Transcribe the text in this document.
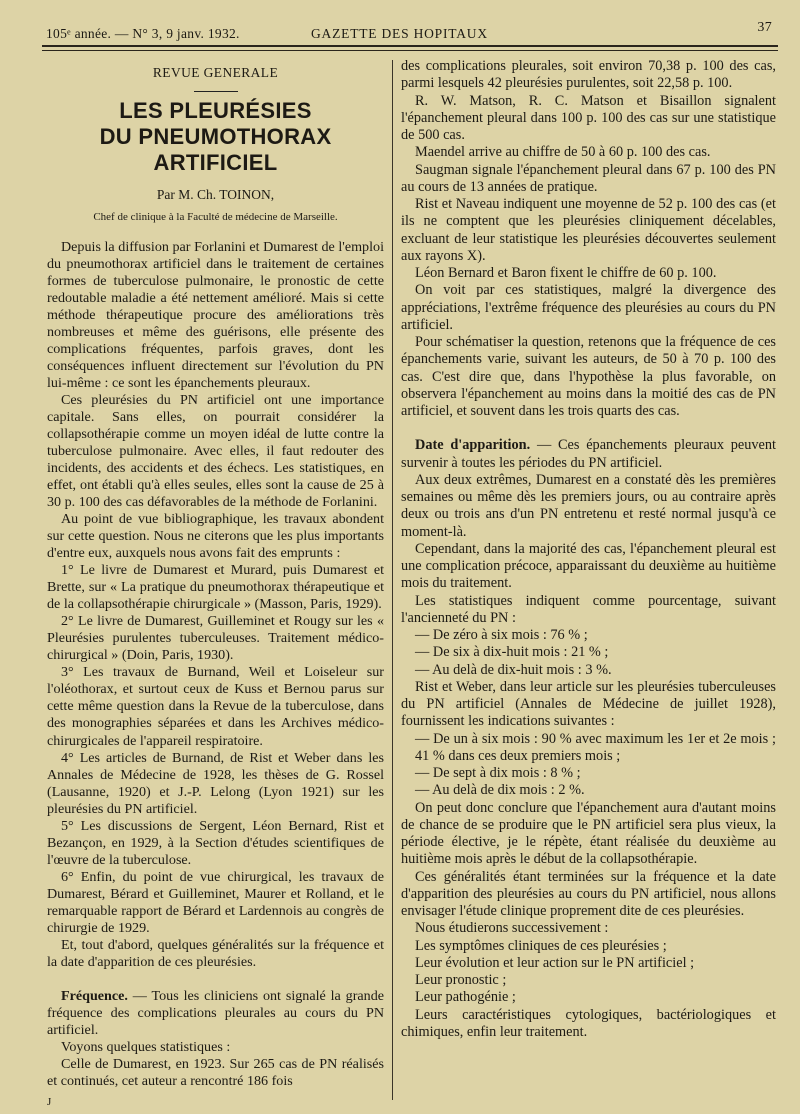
105ᵉ année. — N° 3, 9 janv. 1932.	GAZETTE DES HOPITAUX	37
REVUE GENERALE
LES PLEURÉSIES
DU PNEUMOTHORAX ARTIFICIEL
Par M. Ch. TOINON,
Chef de clinique à la Faculté de médecine de Marseille.

Depuis la diffusion par Forlanini et Dumarest de l'emploi du pneumothorax artificiel dans le traitement de certaines formes de tuberculose pulmonaire, le pronostic de cette redoutable maladie a été nettement amélioré. Mais si cette méthode thérapeutique procure des améliorations très nombreuses et même des guérisons, elle présente des complications fréquentes, parfois graves, dont les conséquences influent directement sur l'évolution du PN lui-même : ce sont les épanchements pleuraux.

Ces pleurésies du PN artificiel ont une importance capitale. Sans elles, on pourrait considérer la collapsothérapie comme un moyen idéal de lutte contre la tuberculose pulmonaire. Avec elles, il faut redouter des incidents, des accidents et des échecs. Les statistiques, en effet, ont établi qu'à elles seules, elles sont la cause de 25 à 30 p. 100 des cas défavorables de la méthode de Forlanini.

Au point de vue bibliographique, les travaux abondent sur cette question. Nous ne citerons que les plus importants d'entre eux, auxquels nous avons fait des emprunts :

1° Le livre de Dumarest et Murard, puis Dumarest et Brette, sur « La pratique du pneumothorax thérapeutique et de la collapsothérapie chirurgicale » (Masson, Paris, 1929).

2° Le livre de Dumarest, Guilleminet et Rougy sur les « Pleurésies purulentes tuberculeuses. Traitement médico-chirurgical » (Doin, Paris, 1930).

3° Les travaux de Burnand, Weil et Loiseleur sur l'oléothorax, et surtout ceux de Kuss et Bernou parus sur cette même question dans la Revue de la tuberculose, dans des monographies séparées et dans les Archives médico-chirurgicales de l'appareil respiratoire.

4° Les articles de Burnand, de Rist et Weber dans les Annales de Médecine de 1928, les thèses de G. Rossel (Lausanne, 1920) et J.-P. Lelong (Lyon 1921) sur les pleurésies du PN artificiel.

5° Les discussions de Sergent, Léon Bernard, Rist et Bezançon, en 1929, à la Section d'études scientifiques de l'œuvre de la tuberculose.

6° Enfin, du point de vue chirurgical, les travaux de Dumarest, Bérard et Guilleminet, Maurer et Rolland, et le remarquable rapport de Bérard et Lardennois au congrès de chirurgie de 1929.

Et, tout d'abord, quelques généralités sur la fréquence et la date d'apparition de ces pleurésies.

Fréquence. — Tous les cliniciens ont signalé la grande fréquence des complications pleurales au cours du PN artificiel.

Voyons quelques statistiques :

Celle de Dumarest, en 1923. Sur 265 cas de PN réalisés et continués, cet auteur a rencontré 186 fois

des complications pleurales, soit environ 70,38 p. 100 des cas, parmi lesquels 42 pleurésies purulentes, soit 22,58 p. 100.

R. W. Matson, R. C. Matson et Bisaillon signalent l'épanchement pleural dans 100 p. 100 des cas sur une statistique de 500 cas.

Maendel arrive au chiffre de 50 à 60 p. 100 des cas.

Saugman signale l'épanchement pleural dans 67 p. 100 des PN au cours de 13 années de pratique.

Rist et Naveau indiquent une moyenne de 52 p. 100 des cas (et ils ne comptent que les pleurésies cliniquement décelables, excluant de leur statistique les pleurésies découvertes seulement aux rayons X).

Léon Bernard et Baron fixent le chiffre de 60 p. 100.

On voit par ces statistiques, malgré la divergence des appréciations, l'extrême fréquence des pleurésies au cours du PN artificiel.

Pour schématiser la question, retenons que la fréquence de ces épanchements varie, suivant les auteurs, de 50 à 70 p. 100 des cas. C'est dire que, dans l'hypothèse la plus favorable, on observera l'épanchement au moins dans la moitié des cas de PN artificiel, et souvent dans les trois quarts des cas.

Date d'apparition. — Ces épanchements pleuraux peuvent survenir à toutes les périodes du PN artificiel.

Aux deux extrêmes, Dumarest en a constaté dès les premières semaines ou même dès les premiers jours, ou au contraire après deux ou trois ans d'un PN entretenu et resté normal jusqu'à ce moment-là.

Cependant, dans la majorité des cas, l'épanchement pleural est une complication précoce, apparaissant du deuxième au huitième mois du traitement.

Les statistiques indiquent comme pourcentage, suivant l'ancienneté du PN :

— De zéro à six mois : 76 % ;

— De six à dix-huit mois : 21 % ;

— Au delà de dix-huit mois : 3 %.

Rist et Weber, dans leur article sur les pleurésies tuberculeuses du PN artificiel (Annales de Médecine de juillet 1928), fournissent les indications suivantes :

— De un à six mois : 90 % avec maximum les 1er et 2e mois ; 41 % dans ces deux premiers mois ;

— De sept à dix mois : 8 % ;

— Au delà de dix mois : 2 %.

On peut donc conclure que l'épanchement aura d'autant moins de chance de se produire que le PN artificiel sera plus vieux, la période élective, je le répète, étant réalisée du deuxième au huitième mois après le début de la collapsothérapie.

Ces généralités étant terminées sur la fréquence et la date d'apparition des pleurésies au cours du PN artificiel, nous allons envisager l'étude clinique proprement dite de ces pleurésies.

Nous étudierons successivement :

Les symptômes cliniques de ces pleurésies ;

Leur évolution et leur action sur le PN artificiel ;

Leur pronostic ;

Leur pathogénie ;

Leurs caractéristiques cytologiques, bactériologiques et chimiques, enfin leur traitement.

J
